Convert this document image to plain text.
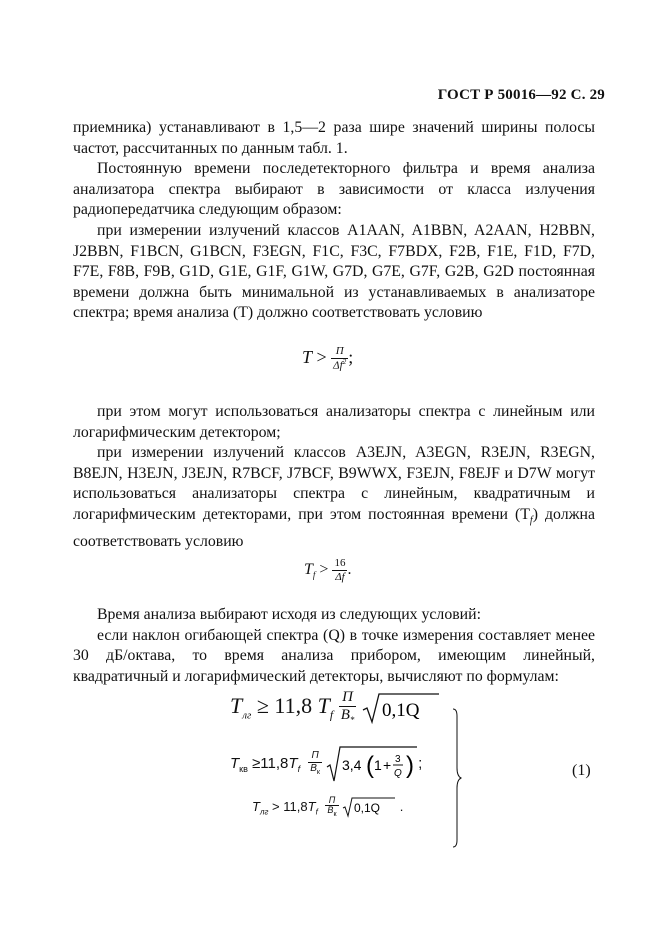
ГОСТ Р 50016—92 С. 29

приемника) устанавливают в 1,5—2 раза шире значений ширины полосы частот, рассчитанных по данным табл. 1.

Постоянную времени последетекторного фильтра и время анализа анализатора спектра выбирают в зависимости от класса излучения радиопередатчика следующим образом:

при измерении излучений классов A1AAN, A1BBN, A2AAN, H2BBN, J2BBN, F1BCN, G1BCN, F3EGN, F1C, F3C, F7BDX, F2B, F1E, F1D, F7D, F7E, F8B, F9B, G1D, G1E, G1F, G1W, G7D, G7E, G7F, G2B, G2D постоянная времени должна быть минимальной из устанавливаемых в анализаторе спектра; время анализа (T) должно соответствовать условию

$T > \frac{П}{\Delta f^2}$ ;

при этом могут использоваться анализаторы спектра с линейным или логарифмическим детектором;

при измерении излучений классов A3EJN, A3EGN, R3EJN, R3EGN, B8EJN, H3EJN, J3EJN, R7BCF, J7BCF, B9WWX, F3EJN, F8EJF и D7W могут использоваться анализаторы спектра с линейным, квадратичным и логарифмическим детекторами, при этом постоянная времени $(T_f)$ должна соответствовать условию

$T_f > \frac{16}{\Delta f}$ .

Время анализа выбирают исходя из следующих условий:

если наклон огибающей спектра (Q) в точке измерения составляет менее 30 дБ/октава, то время анализа прибором, имеющим линейный, квадратичный и логарифмический детекторы, вычисляют по формулам:

$T_{лг} \ge 11,8$ $T_f \frac{П}{B_*}$
0,1Q
$T_{кв} \ge 11,8T_f \frac{П}{B_к}$
3,4 ( 1 + 3
Q ) ;
$T_{лг} > 11,8T_f \frac{П}{B_к}$
0,1Q .
(1)
